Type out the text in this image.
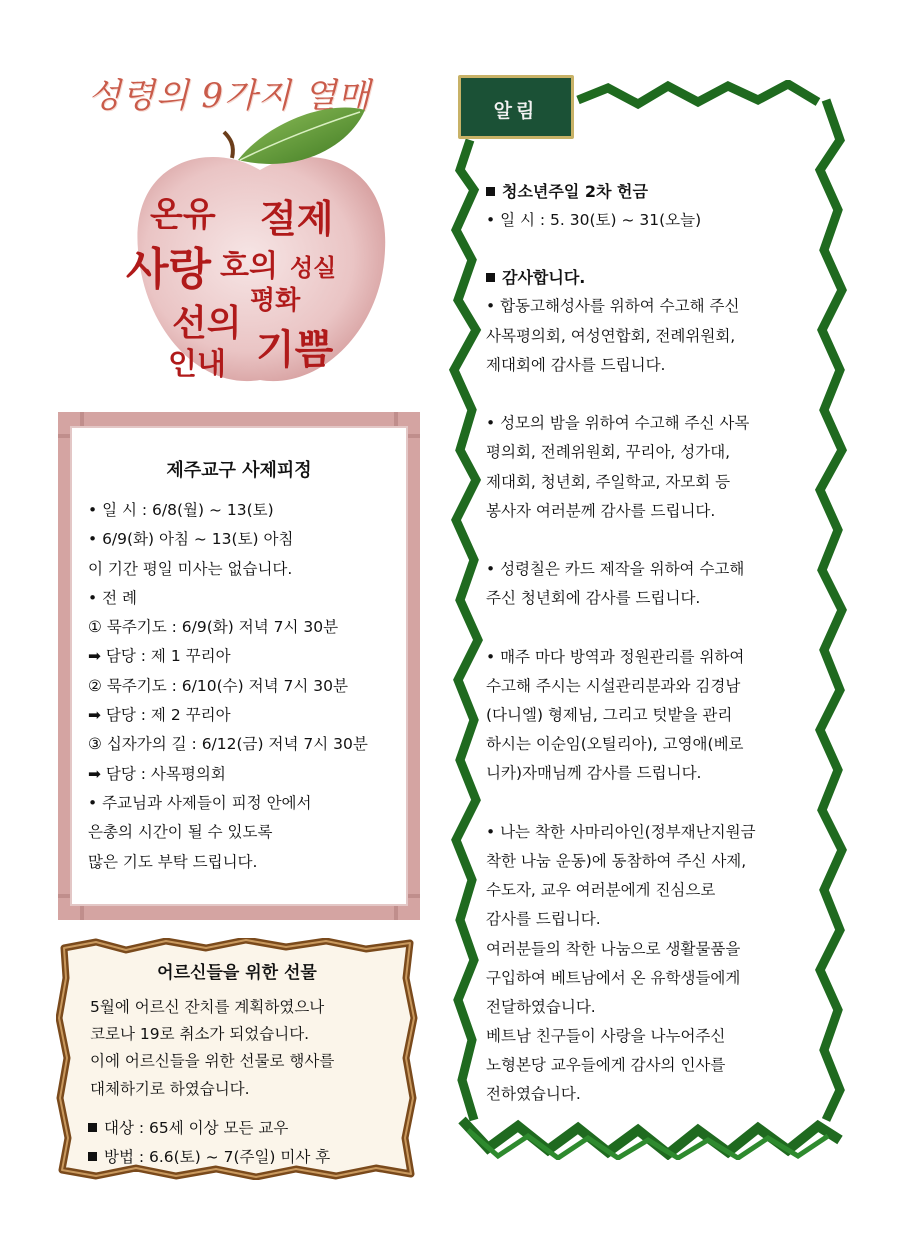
성령의 9가지 열매
온유 절제
사랑 호의 성실
평화
선의
인내 기쁨
제주교구 사제피정
• 일 시 : 6/8(월) ~ 13(토)
• 6/9(화) 아침 ~ 13(토) 아침
이 기간 평일 미사는 없습니다.
• 전 례
① 묵주기도 : 6/9(화) 저녁 7시 30분
➡ 담당 : 제 1 꾸리아
② 묵주기도 : 6/10(수) 저녁 7시 30분
➡ 담당 : 제 2 꾸리아
③ 십자가의 길 : 6/12(금) 저녁 7시 30분
➡ 담당 : 사목평의회
• 주교님과 사제들이 피정 안에서
은총의 시간이 될 수 있도록
많은 기도 부탁 드립니다.
어르신들을 위한 선물
5월에 어르신 잔치를 계획하였으나
코로나 19로 취소가 되었습니다.
이에 어르신들을 위한 선물로 행사를
대체하기로 하였습니다.
대상 : 65세 이상 모든 교우
방법 : 6.6(토) ~ 7(주일) 미사 후
알림
청소년주일 2차 헌금
• 일 시 : 5. 30(토) ~ 31(오늘)
감사합니다.
• 합동고해성사를 위하여 수고해 주신
사목평의회, 여성연합회, 전례위원회,
제대회에 감사를 드립니다.
• 성모의 밤을 위하여 수고해 주신 사목
평의회, 전례위원회, 꾸리아, 성가대,
제대회, 청년회, 주일학교, 자모회 등
봉사자 여러분께 감사를 드립니다.
• 성령칠은 카드 제작을 위하여 수고해
주신 청년회에 감사를 드립니다.
• 매주 마다 방역과 정원관리를 위하여
수고해 주시는 시설관리분과와 김경남
(다니엘) 형제님, 그리고 텃밭을 관리
하시는 이순임(오틸리아), 고영애(베로
니카)자매님께 감사를 드립니다.
• 나는 착한 사마리아인(정부재난지원금
착한 나눔 운동)에 동참하여 주신 사제,
수도자, 교우 여러분에게 진심으로
감사를 드립니다.
여러분들의 착한 나눔으로 생활물품을
구입하여 베트남에서 온 유학생들에게
전달하였습니다.
베트남 친구들이 사랑을 나누어주신
노형본당 교우들에게 감사의 인사를
전하였습니다.
